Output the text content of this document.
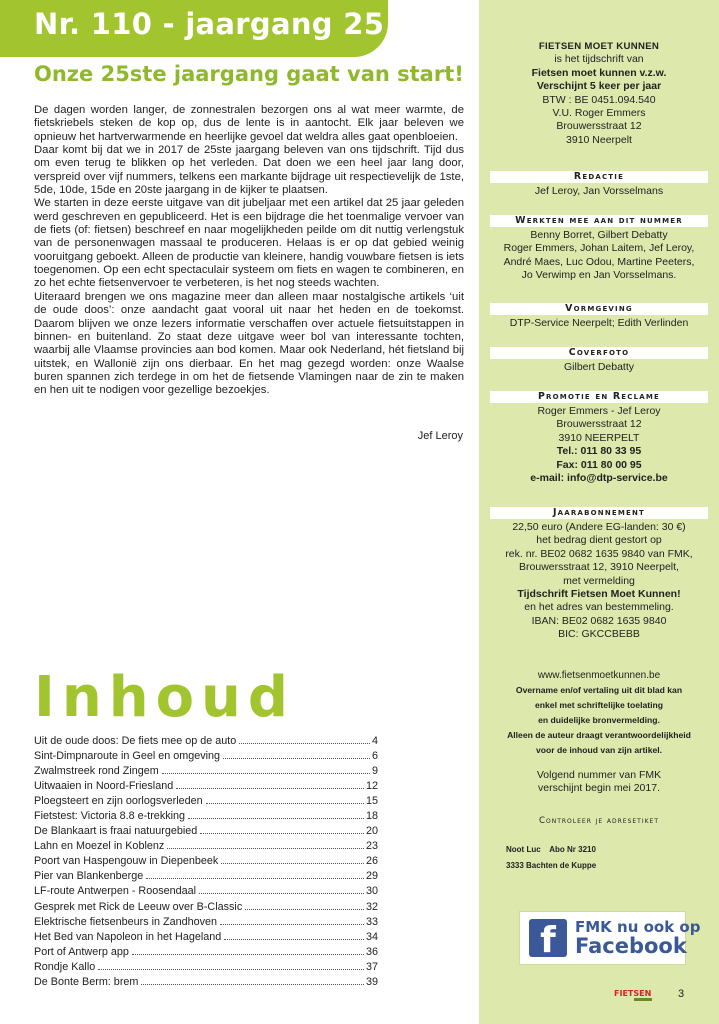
Nr. 110 - jaargang 25
Onze 25ste jaargang gaat van start!

De dagen worden langer, de zonnestralen bezorgen ons al wat meer warmte, de fietskriebels steken de kop op, dus de lente is in aantocht. Elk jaar beleven we opnieuw het hartverwarmende en heerlijke gevoel dat weldra alles gaat openbloeien.

Daar komt bij dat we in 2017 de 25ste jaargang beleven van ons tijdschrift. Tijd dus om even terug te blikken op het verleden. Dat doen we een heel jaar lang door, verspreid over vijf nummers, telkens een markante bijdrage uit respectievelijk de 1ste, 5de, 10de, 15de en 20ste jaargang in de kijker te plaatsen.

We starten in deze eerste uitgave van dit jubeljaar met een artikel dat 25 jaar geleden werd geschreven en gepubliceerd. Het is een bijdrage die het toenmalige vervoer van de fiets (of: fietsen) beschreef en naar mogelijkheden peilde om dit nuttig verlengstuk van de personenwagen massaal te produceren. Helaas is er op dat gebied weinig vooruitgang geboekt. Alleen de productie van kleinere, handig vouwbare fietsen is iets toegenomen. Op een echt spectaculair systeem om fiets en wagen te combineren, en zo het echte fietsenvervoer te verbeteren, is het nog steeds wachten.

Uiteraard brengen we ons magazine meer dan alleen maar nostalgische artikels ‘uit de oude doos’: onze aandacht gaat vooral uit naar het heden en de toekomst. Daarom blijven we onze lezers informatie verschaffen over actuele fietsuitstappen in binnen- en buitenland. Zo staat deze uitgave weer bol van interessante tochten, waarbij alle Vlaamse provincies aan bod komen. Maar ook Nederland, hét fietsland bij uitstek, en Wallonië zijn ons dierbaar. En het mag gezegd worden: onze Waalse buren spannen zich terdege in om het de fietsende Vlamingen naar de zin te maken en hen uit te nodigen voor gezellige bezoekjes.

Jef Leroy
Inhoud
Uit de oude doos: De fiets mee op de auto	4
Sint-Dimpnaroute in Geel en omgeving	6
Zwalmstreek rond Zingem	9
Uitwaaien in Noord-Friesland	12
Ploegsteert en zijn oorlogsverleden	15
Fietstest: Victoria 8.8 e-trekking	18
De Blankaart is fraai natuurgebied	20
Lahn en Moezel in Koblenz	23
Poort van Haspengouw in Diepenbeek	26
Pier van Blankenberge	29
LF-route Antwerpen - Roosendaal	30
Gesprek met Rick de Leeuw over B-Classic	32
Elektrische fietsenbeurs in Zandhoven	33
Het Bed van Napoleon in het Hageland	34
Port of Antwerp app	36
Rondje Kallo	37
De Bonte Berm: brem	39
FIETSEN MOET KUNNEN
is het tijdschrift van
Fietsen moet kunnen v.z.w.
Verschijnt 5 keer per jaar
BTW : BE 0451.094.540
V.U. Roger Emmers
Brouwersstraat 12
3910 Neerpelt
Redactie
Jef Leroy, Jan Vorsselmans
Werkten mee aan dit nummer
Benny Borret, Gilbert Debatty
Roger Emmers, Johan Laitem, Jef Leroy,
André Maes, Luc Odou, Martine Peeters,
Jo Verwimp en Jan Vorsselmans.
Vormgeving
DTP-Service Neerpelt; Edith Verlinden
Coverfoto
Gilbert Debatty
Promotie en Reclame
Roger Emmers - Jef Leroy
Brouwersstraat 12
3910 NEERPELT
Tel.: 011 80 33 95
Fax: 011 80 00 95
e-mail: info@dtp-service.be
Jaarabonnement
22,50 euro (Andere EG-landen: 30 €)
het bedrag dient gestort op
rek. nr. BE02 0682 1635 9840 van FMK,
Brouwersstraat 12, 3910 Neerpelt,
met vermelding
Tijdschrift Fietsen Moet Kunnen!
en het adres van bestemmeling.
IBAN: BE02 0682 1635 9840
BIC: GKCCBEBB
www.fietsenmoetkunnen.be
Overname en/of vertaling uit dit blad kan
enkel met schriftelijke toelating
en duidelijke bronvermelding.
Alleen de auteur draagt verantwoordelijkheid
voor de inhoud van zijn artikel.
Volgend nummer van FMK
verschijnt begin mei 2017.
Controleer je adresetiket
Noot Luc    Abo Nr 3210
3333 Bachten de Kuppe
f	FMK nu ook op
Facebook
FIETSEN 3
